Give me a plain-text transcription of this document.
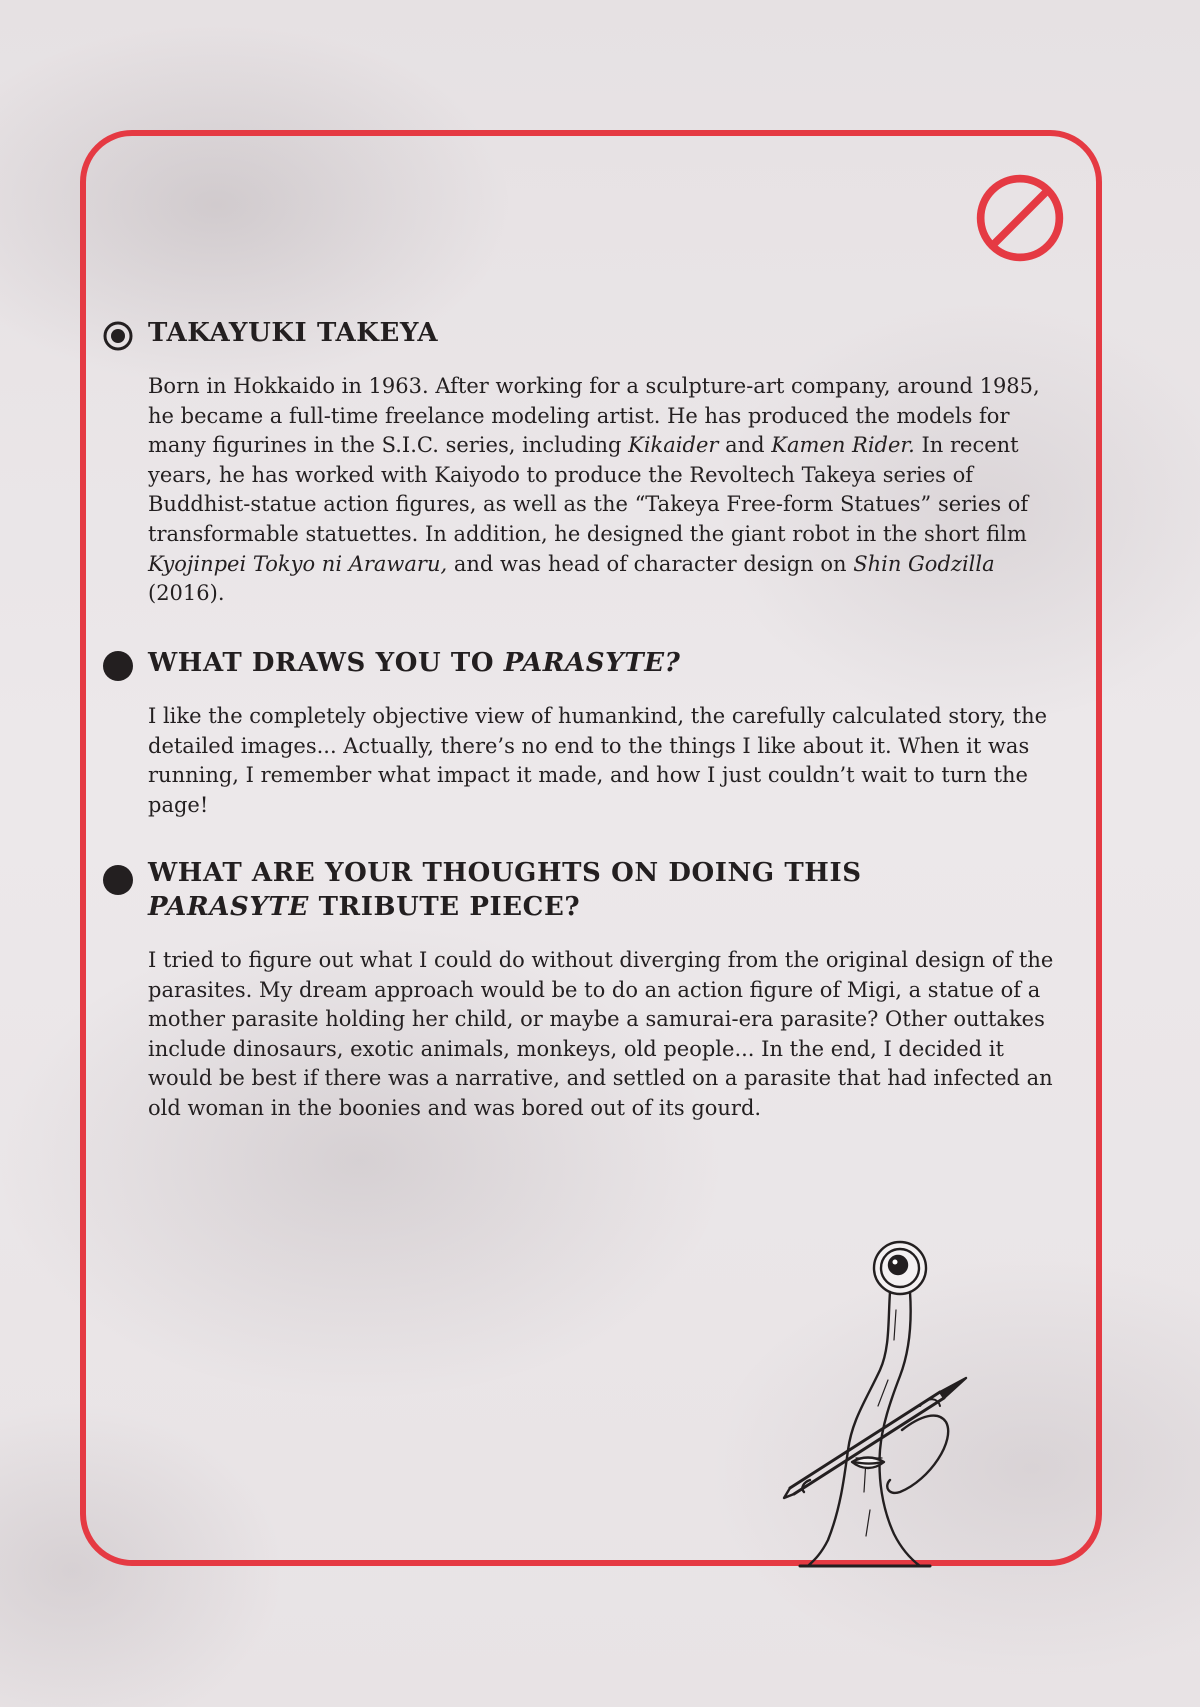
TAKAYUKI TAKEYA

Born in Hokkaido in 1963. After working for a sculpture-art company, around 1985, he became a full-time freelance modeling artist. He has produced the models for many figurines in the S.I.C. series, including Kikaider and Kamen Rider. In recent years, he has worked with Kaiyodo to produce the Revoltech Takeya series of Buddhist-statue action figures, as well as the “Takeya Free-form Statues” series of transformable statuettes. In addition, he designed the giant robot in the short film Kyojinpei Tokyo ni Arawaru, and was head of character design on Shin Godzilla (2016).

WHAT DRAWS YOU TO PARASYTE?

I like the completely objective view of humankind, the carefully calculated story, the detailed images... Actually, there’s no end to the things I like about it. When it was running, I remember what impact it made, and how I just couldn’t wait to turn the page!

WHAT ARE YOUR THOUGHTS ON DOING THIS PARASYTE TRIBUTE PIECE?

I tried to figure out what I could do without diverging from the original design of the parasites. My dream approach would be to do an action figure of Migi, a statue of a mother parasite holding her child, or maybe a samurai-era parasite? Other outtakes include dinosaurs, exotic animals, monkeys, old people... In the end, I decided it would be best if there was a narrative, and settled on a parasite that had infected an old woman in the boonies and was bored out of its gourd.
